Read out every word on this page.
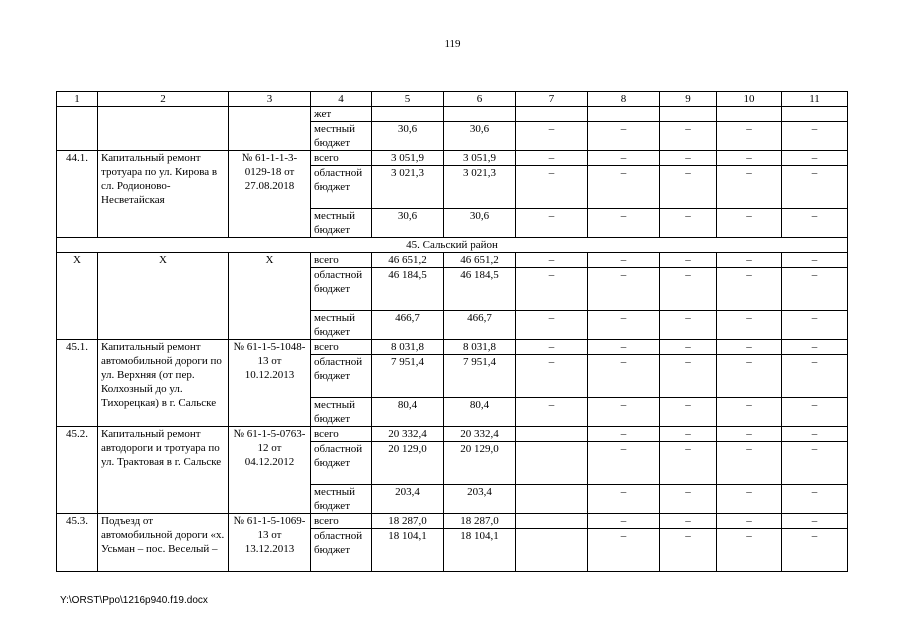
119
1	2	3	4	5	6	7	8	9	10	11
			жет							
			местный бюджет	30,6	30,6	–	–	–	–	–
44.1.	Капитальный ремонт тротуара по ул. Кирова в сл. Родионово-Несветайская	№ 61-1-1-3-0129-18 от 27.08.2018	всего	3 051,9	3 051,9	–	–	–	–	–
			областной бюджет	3 021,3	3 021,3	–	–	–	–	–
			местный бюджет	30,6	30,6	–	–	–	–	–
45. Сальский район										
X	X	X	всего	46 651,2	46 651,2	–	–	–	–	–
			областной бюджет	46 184,5	46 184,5	–	–	–	–	–
			местный бюджет	466,7	466,7	–	–	–	–	–
45.1.	Капитальный ремонт автомобильной дороги по ул. Верхняя (от пер. Колхозный до ул. Тихорецкая) в г. Сальске	№ 61-1-5-1048-13 от 10.12.2013	всего	8 031,8	8 031,8	–	–	–	–	–
			областной бюджет	7 951,4	7 951,4	–	–	–	–	–
			местный бюджет	80,4	80,4	–	–	–	–	–
45.2.	Капитальный ремонт автодороги и тротуара по ул. Трактовая в г. Сальске	№ 61-1-5-0763-12 от 04.12.2012	всего	20 332,4	20 332,4		–	–	–	–
			областной бюджет	20 129,0	20 129,0		–	–	–	–
			местный бюджет	203,4	203,4		–	–	–	–
45.3.	Подъезд от автомобильной дороги «х. Усьман – пос. Веселый –	№ 61-1-5-1069-13 от 13.12.2013	всего	18 287,0	18 287,0		–	–	–	–
			областной бюджет	18 104,1	18 104,1		–	–	–	–
Y:\ORST\Ppo\1216p940.f19.docx
